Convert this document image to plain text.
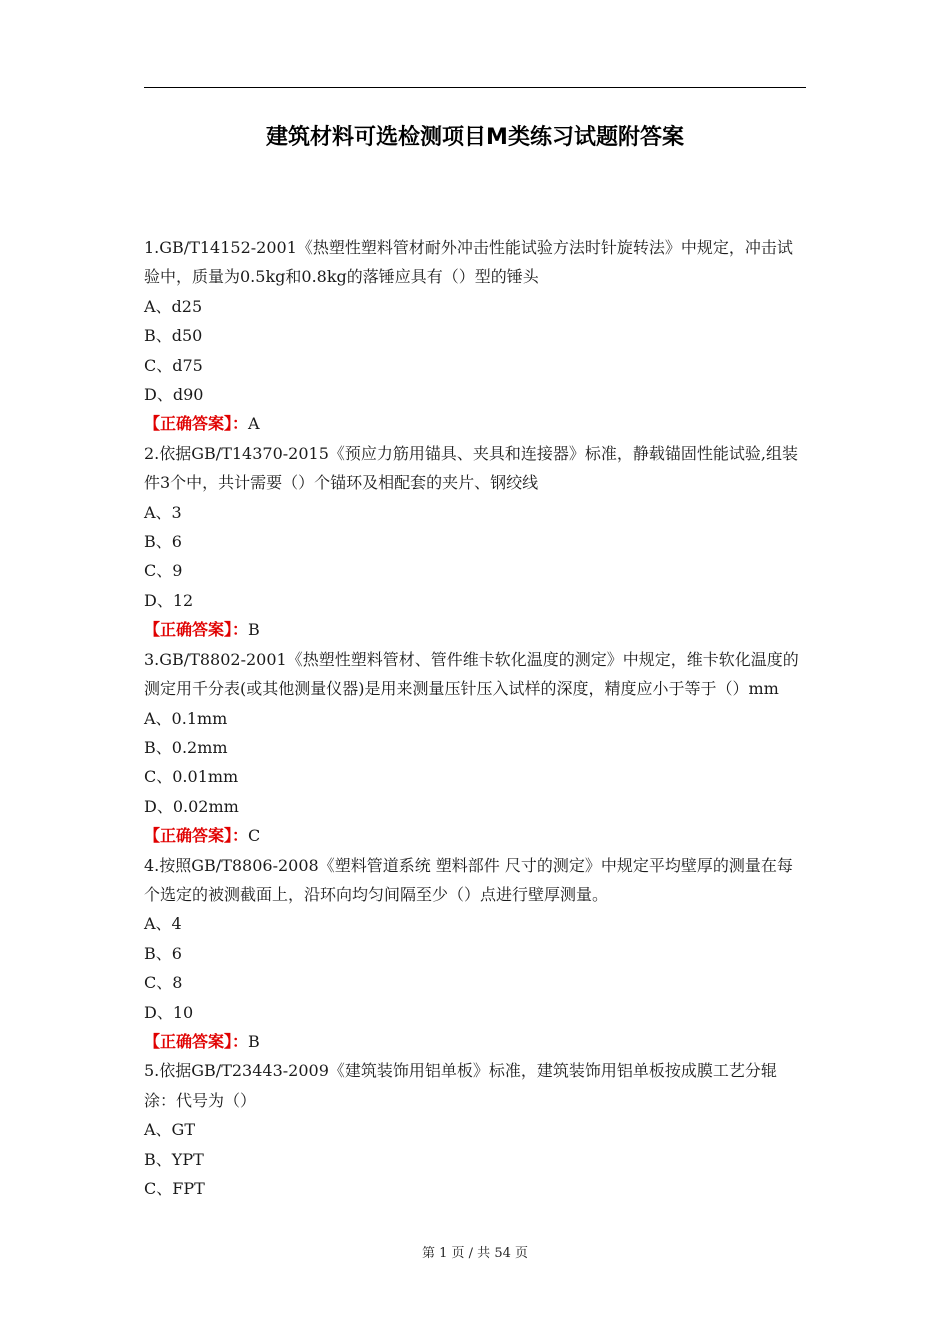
建筑材料可选检测项目M类练习试题附答案

1.GB/T14152-2001《热塑性塑料管材耐外冲击性能试验方法时针旋转法》中规定，冲击试验中，质量为0.5kg和0.8kg的落锤应具有（）型的锤头

A、d25

B、d50

C、d75

D、d90

【正确答案】：A

2.依据GB/T14370-2015《预应力筋用锚具、夹具和连接器》标准，静载锚固性能试验,组装件3个中，共计需要（）个锚环及相配套的夹片、钢绞线

A、3

B、6

C、9

D、12

【正确答案】：B

3.GB/T8802-2001《热塑性塑料管材、管件维卡软化温度的测定》中规定，维卡软化温度的测定用千分表(或其他测量仪器)是用来测量压针压入试样的深度，精度应小于等于（）mm

A、0.1mm

B、0.2mm

C、0.01mm

D、0.02mm

【正确答案】：C

4.按照GB/T8806-2008《塑料管道系统 塑料部件 尺寸的测定》中规定平均壁厚的测量在每个选定的被测截面上，沿环向均匀间隔至少（）点进行壁厚测量。

A、4

B、6

C、8

D、10

【正确答案】：B

5.依据GB/T23443-2009《建筑装饰用铝单板》标准，建筑装饰用铝单板按成膜工艺分辊涂：代号为（）

A、GT

B、YPT

C、FPT

第 1 页 / 共 54 页
